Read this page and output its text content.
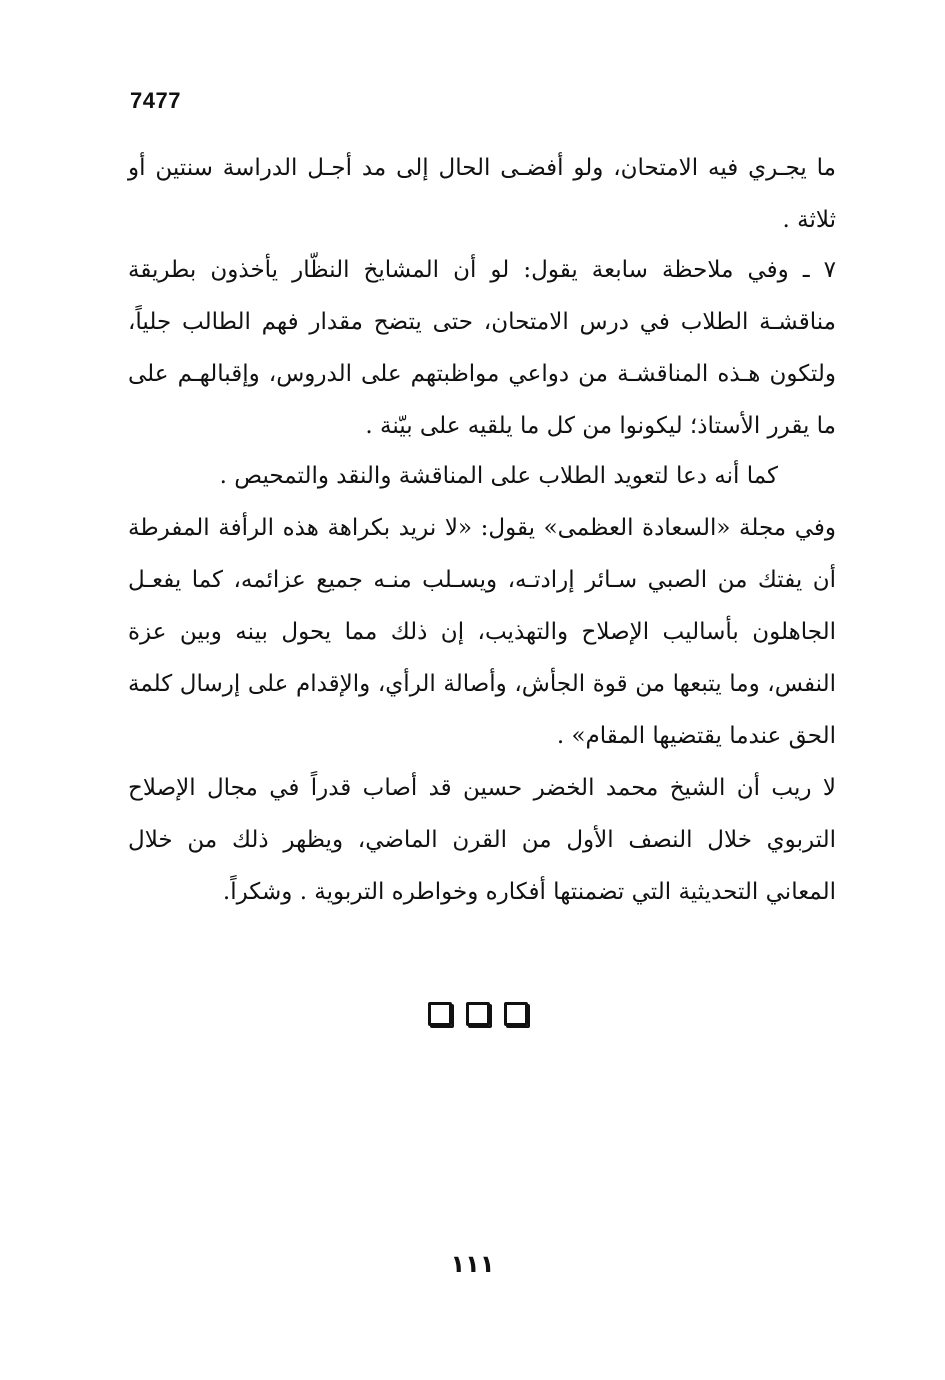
7477

ما يجـري فيه الامتحان، ولو أفضـى الحال إلى مد أجـل الدراسة سنتين أو ثلاثة .

٧ ـ وفي ملاحظة سابعة يقول: لو أن المشايخ النظّار يأخذون بطريقة مناقشـة الطلاب في درس الامتحان، حتى يتضح مقدار فهم الطالب جلياً، ولتكون هـذه المناقشـة من دواعي مواظبتهم على الدروس، وإقبالهـم على ما يقرر الأستاذ؛ ليكونوا من كل ما يلقيه على بيّنة .

كما أنه دعا لتعويد الطلاب على المناقشة والنقد والتمحيص .

وفي مجلة «السعادة العظمى» يقول: «لا نريد بكراهة هذه الرأفة المفرطة أن يفتك من الصبي سـائر إرادتـه، ويسـلب منـه جميع عزائمه، كما يفعـل الجاهلون بأساليب الإصلاح والتهذيب، إن ذلك مما يحول بينه وبين عزة النفس، وما يتبعها من قوة الجأش، وأصالة الرأي، والإقدام على إرسال كلمة الحق عندما يقتضيها المقام» .

لا ريب أن الشيخ محمد الخضر حسين قد أصاب قدراً في مجال الإصلاح التربوي خلال النصف الأول من القرن الماضي، ويظهر ذلك من خلال المعاني التحديثية التي تضمنتها أفكاره وخواطره التربوية . وشكراً.

١١١
